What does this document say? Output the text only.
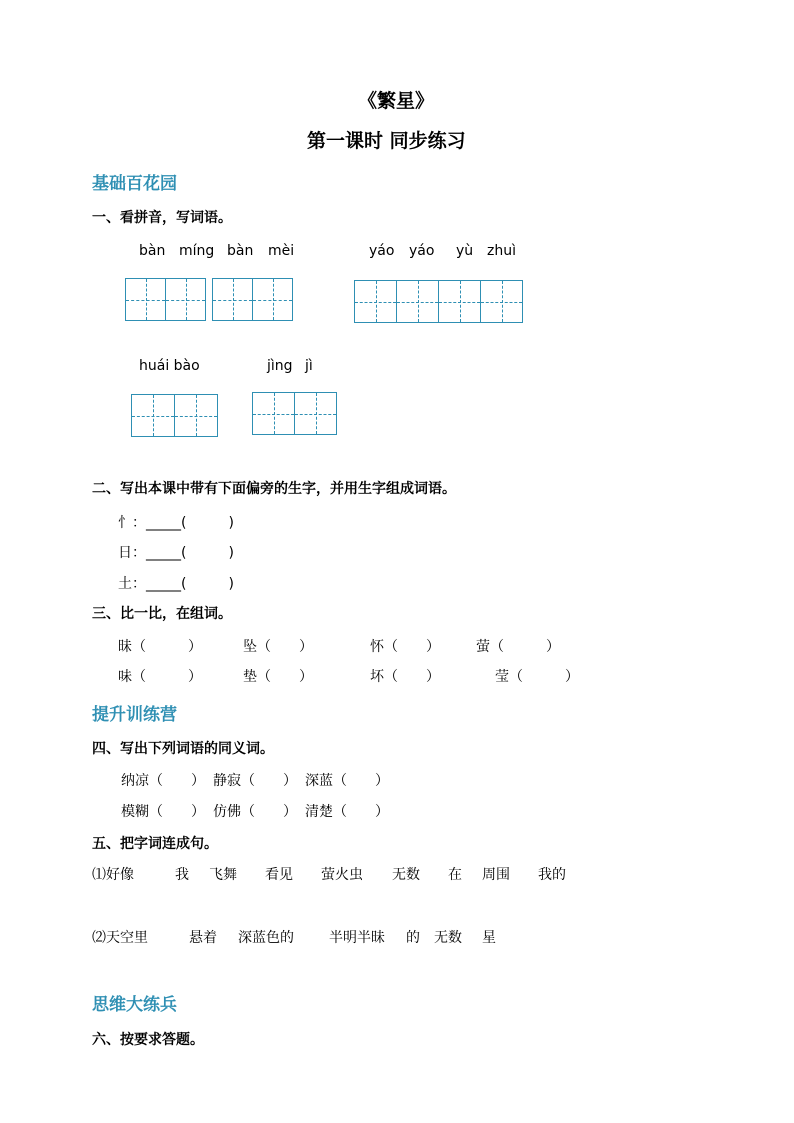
《繁星》
第一课时 同步练习
基础百花园
一、看拼音，写词语。
bàn míng bàn mèi	yáo yáo yù zhuì
huái bào	jìng jì
二、写出本课中带有下面偏旁的生字，并用生字组成词语。
忄：_____(　　　)
日：_____(　　　)
土：_____(　　　)
三、比一比，在组词。
昧（　　　）	坠（　　）	怀（　　）	萤（　　　）
味（　　　）	垫（　　）	坏（　　）	莹（　　　）
提升训练营
四、写出下列词语的同义词。
纳凉（　　） 静寂（　　） 深蓝（　　）
模糊（　　） 仿佛（　　） 清楚（　　）
五、把字词连成句。
⑴好像	我 飞舞 看见 萤火虫 无数 在 周围 我的
⑵天空里	悬着 深蓝色的	半明半昧 的 无数 星
思维大练兵
六、按要求答题。
